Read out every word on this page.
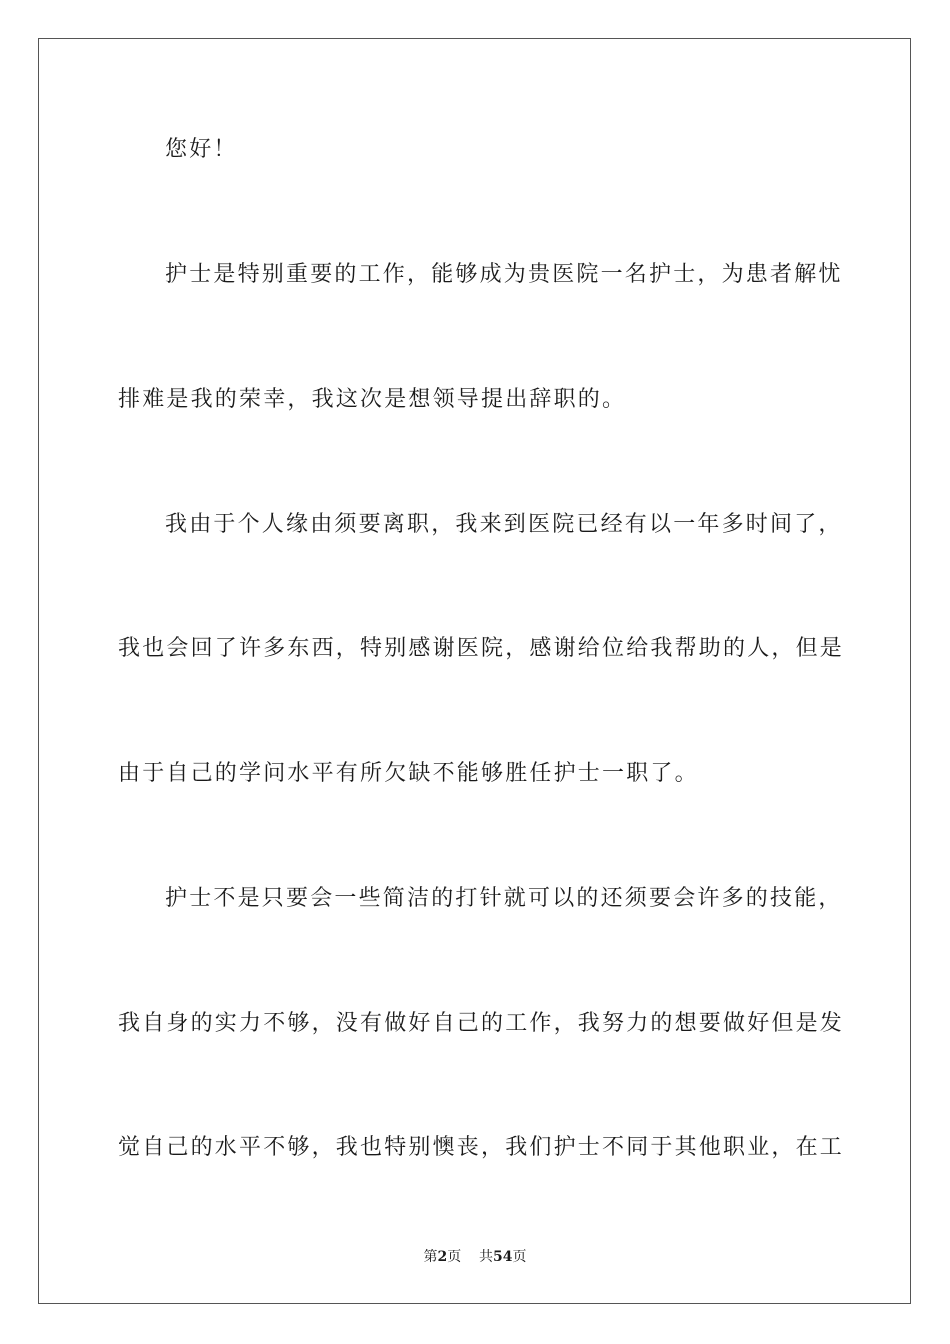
您好！
护士是特别重要的工作，能够成为贵医院一名护士，为患者解忧
排难是我的荣幸，我这次是想领导提出辞职的。
我由于个人缘由须要离职，我来到医院已经有以一年多时间了，
我也会回了许多东西，特别感谢医院，感谢给位给我帮助的人，但是
由于自己的学问水平有所欠缺不能够胜任护士一职了。
护士不是只要会一些简洁的打针就可以的还须要会许多的技能，
我自身的实力不够，没有做好自己的工作，我努力的想要做好但是发
觉自己的水平不够，我也特别懊丧，我们护士不同于其他职业，在工
第2页 共54页
